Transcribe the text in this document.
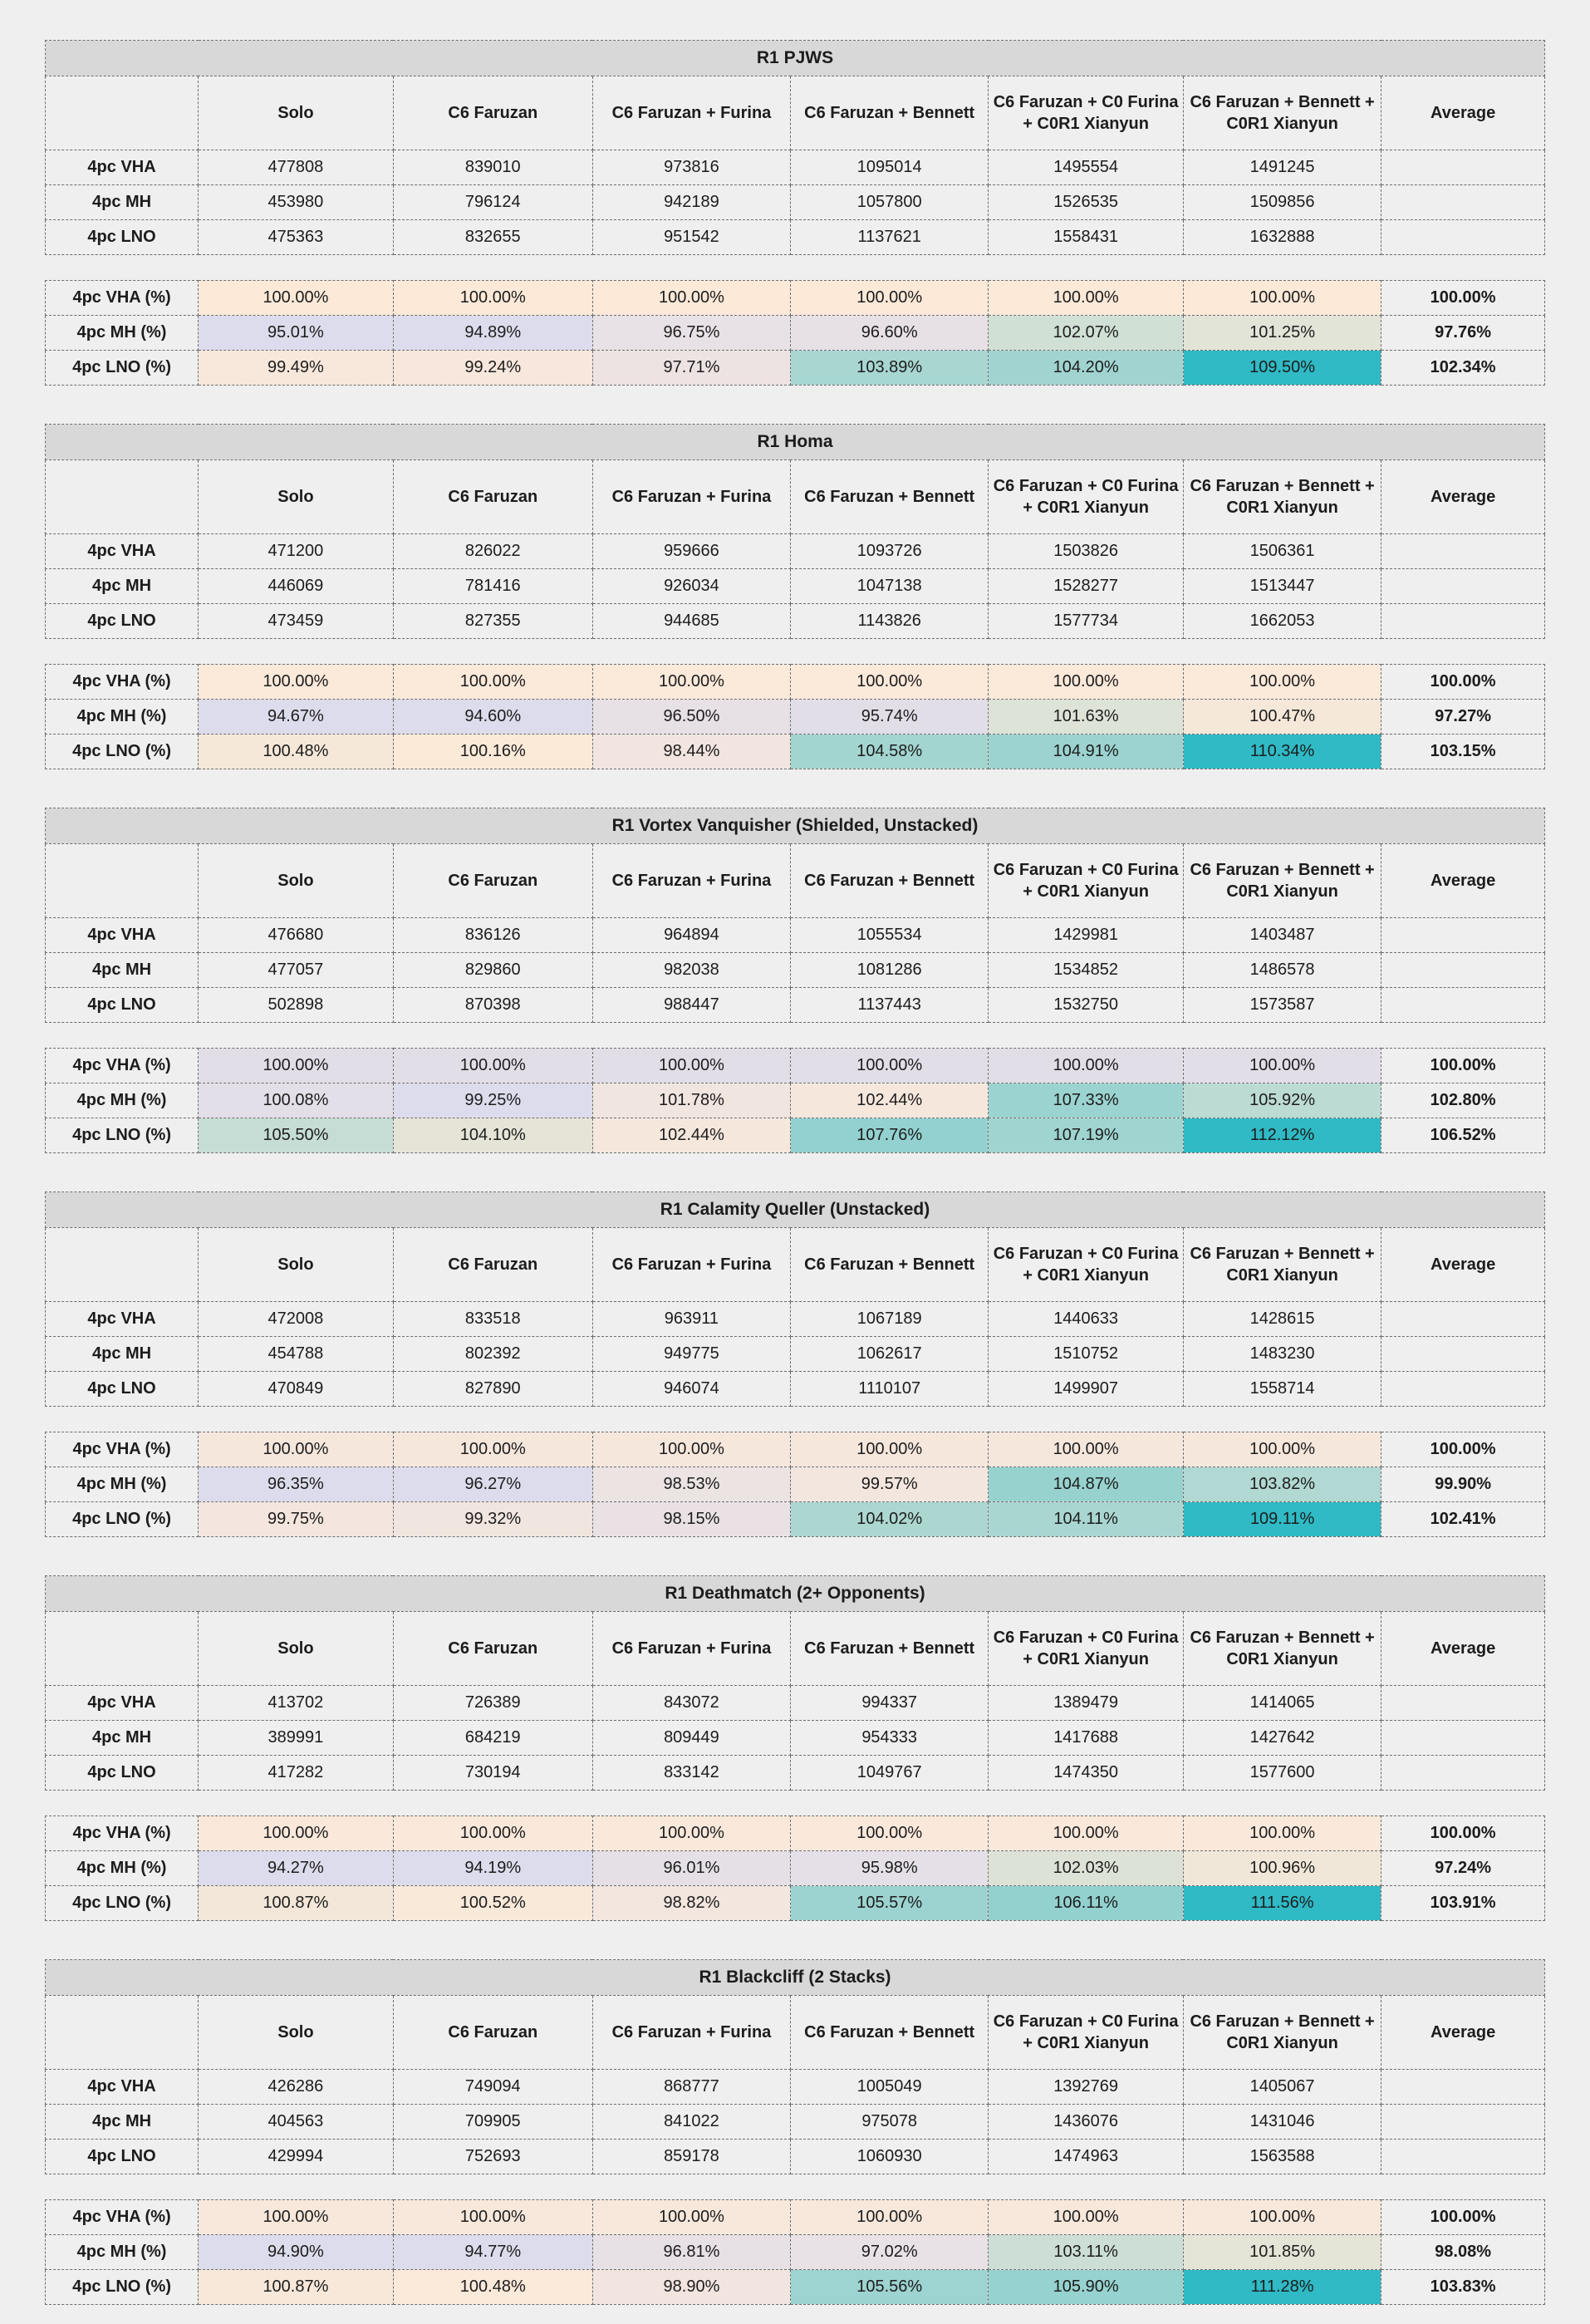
R1 PJWS							
	Solo	C6 Faruzan	C6 Faruzan + Furina	C6 Faruzan + Bennett	C6 Faruzan + C0 Furina + C0R1 Xianyun	C6 Faruzan + Bennett + C0R1 Xianyun	Average
4pc VHA	477808	839010	973816	1095014	1495554	1491245	
4pc MH	453980	796124	942189	1057800	1526535	1509856	
4pc LNO	475363	832655	951542	1137621	1558431	1632888	

4pc VHA (%)	100.00%	100.00%	100.00%	100.00%	100.00%	100.00%	100.00%
4pc MH (%)	95.01%	94.89%	96.75%	96.60%	102.07%	101.25%	97.76%
4pc LNO (%)	99.49%	99.24%	97.71%	103.89%	104.20%	109.50%	102.34%
R1 Homa							
	Solo	C6 Faruzan	C6 Faruzan + Furina	C6 Faruzan + Bennett	C6 Faruzan + C0 Furina + C0R1 Xianyun	C6 Faruzan + Bennett + C0R1 Xianyun	Average
4pc VHA	471200	826022	959666	1093726	1503826	1506361	
4pc MH	446069	781416	926034	1047138	1528277	1513447	
4pc LNO	473459	827355	944685	1143826	1577734	1662053	

4pc VHA (%)	100.00%	100.00%	100.00%	100.00%	100.00%	100.00%	100.00%
4pc MH (%)	94.67%	94.60%	96.50%	95.74%	101.63%	100.47%	97.27%
4pc LNO (%)	100.48%	100.16%	98.44%	104.58%	104.91%	110.34%	103.15%
R1 Vortex Vanquisher (Shielded, Unstacked)							
	Solo	C6 Faruzan	C6 Faruzan + Furina	C6 Faruzan + Bennett	C6 Faruzan + C0 Furina + C0R1 Xianyun	C6 Faruzan + Bennett + C0R1 Xianyun	Average
4pc VHA	476680	836126	964894	1055534	1429981	1403487	
4pc MH	477057	829860	982038	1081286	1534852	1486578	
4pc LNO	502898	870398	988447	1137443	1532750	1573587	

4pc VHA (%)	100.00%	100.00%	100.00%	100.00%	100.00%	100.00%	100.00%
4pc MH (%)	100.08%	99.25%	101.78%	102.44%	107.33%	105.92%	102.80%
4pc LNO (%)	105.50%	104.10%	102.44%	107.76%	107.19%	112.12%	106.52%
R1 Calamity Queller (Unstacked)							
	Solo	C6 Faruzan	C6 Faruzan + Furina	C6 Faruzan + Bennett	C6 Faruzan + C0 Furina + C0R1 Xianyun	C6 Faruzan + Bennett + C0R1 Xianyun	Average
4pc VHA	472008	833518	963911	1067189	1440633	1428615	
4pc MH	454788	802392	949775	1062617	1510752	1483230	
4pc LNO	470849	827890	946074	1110107	1499907	1558714	

4pc VHA (%)	100.00%	100.00%	100.00%	100.00%	100.00%	100.00%	100.00%
4pc MH (%)	96.35%	96.27%	98.53%	99.57%	104.87%	103.82%	99.90%
4pc LNO (%)	99.75%	99.32%	98.15%	104.02%	104.11%	109.11%	102.41%
R1 Deathmatch (2+ Opponents)							
	Solo	C6 Faruzan	C6 Faruzan + Furina	C6 Faruzan + Bennett	C6 Faruzan + C0 Furina + C0R1 Xianyun	C6 Faruzan + Bennett + C0R1 Xianyun	Average
4pc VHA	413702	726389	843072	994337	1389479	1414065	
4pc MH	389991	684219	809449	954333	1417688	1427642	
4pc LNO	417282	730194	833142	1049767	1474350	1577600	

4pc VHA (%)	100.00%	100.00%	100.00%	100.00%	100.00%	100.00%	100.00%
4pc MH (%)	94.27%	94.19%	96.01%	95.98%	102.03%	100.96%	97.24%
4pc LNO (%)	100.87%	100.52%	98.82%	105.57%	106.11%	111.56%	103.91%
R1 Blackcliff (2 Stacks)							
	Solo	C6 Faruzan	C6 Faruzan + Furina	C6 Faruzan + Bennett	C6 Faruzan + C0 Furina + C0R1 Xianyun	C6 Faruzan + Bennett + C0R1 Xianyun	Average
4pc VHA	426286	749094	868777	1005049	1392769	1405067	
4pc MH	404563	709905	841022	975078	1436076	1431046	
4pc LNO	429994	752693	859178	1060930	1474963	1563588	

4pc VHA (%)	100.00%	100.00%	100.00%	100.00%	100.00%	100.00%	100.00%
4pc MH (%)	94.90%	94.77%	96.81%	97.02%	103.11%	101.85%	98.08%
4pc LNO (%)	100.87%	100.48%	98.90%	105.56%	105.90%	111.28%	103.83%
